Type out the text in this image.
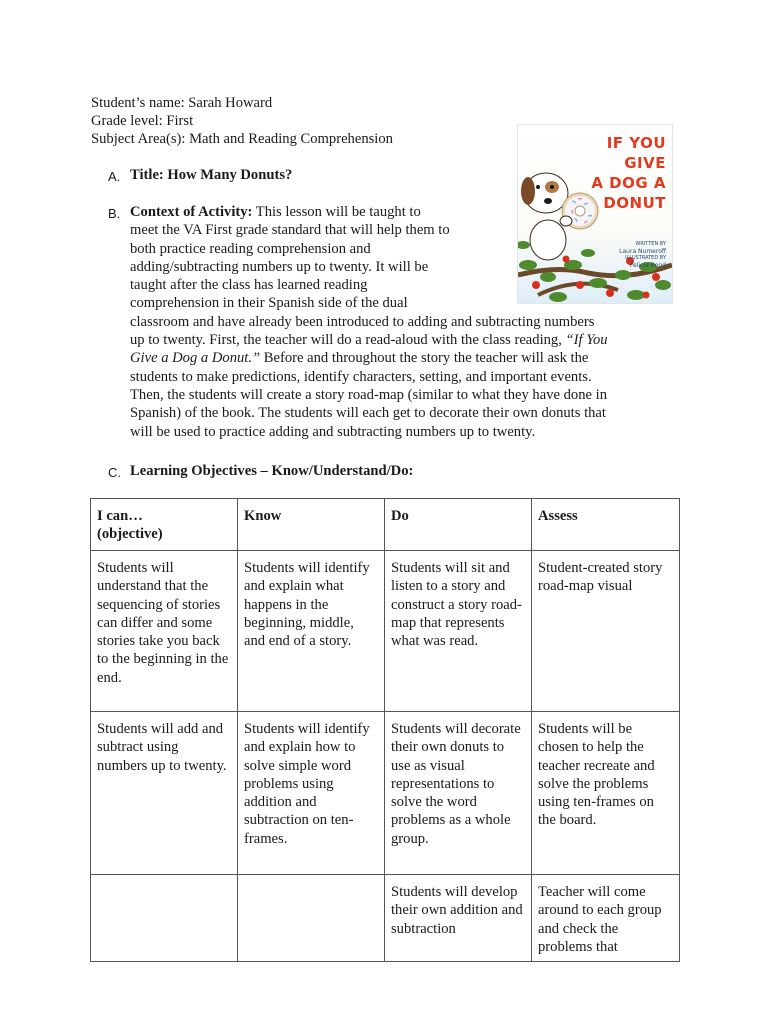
Student’s name: Sarah Howard
Grade level: First
Subject Area(s): Math and Reading Comprehension
A. Title: How Many Donuts?
B. Context of Activity: This lesson will be taught to
meet the VA First grade standard that will help them to
both practice reading comprehension and
adding/subtracting numbers up to twenty. It will be
taught after the class has learned reading
comprehension in their Spanish side of the dual
classroom and have already been introduced to adding and subtracting numbers
up to twenty. First, the teacher will do a read-aloud with the class reading, “If You
Give a Dog a Donut.” Before and throughout the story the teacher will ask the
students to make predictions, identify characters, setting, and important events.
Then, the students will create a story road-map (similar to what they have done in
Spanish) of the book. The students will each get to decorate their own donuts that
will be used to practice adding and subtracting numbers up to twenty.
IF YOU GIVE
A DOG A
DONUT
WRITTEN BY
Laura Numeroff
ILLUSTRATED BY
Felicia Bond
C. Learning Objectives – Know/Understand/Do:
I can…
(objective)	Know	Do	Assess
Students will understand that the sequencing of stories can differ and some stories take you back to the beginning in the end.	Students will identify and explain what happens in the beginning, middle, and end of a story.	Students will sit and listen to a story and construct a story road-map that represents what was read.	Student-created story road-map visual
Students will add and subtract using numbers up to twenty.	Students will identify and explain how to solve simple word problems using addition and subtraction on ten-frames.	Students will decorate their own donuts to use as visual representations to solve the word problems as a whole group.	Students will be chosen to help the teacher recreate and solve the problems using ten-frames on the board.
		Students will develop their own addition and subtraction	Teacher will come around to each group and check the problems that
